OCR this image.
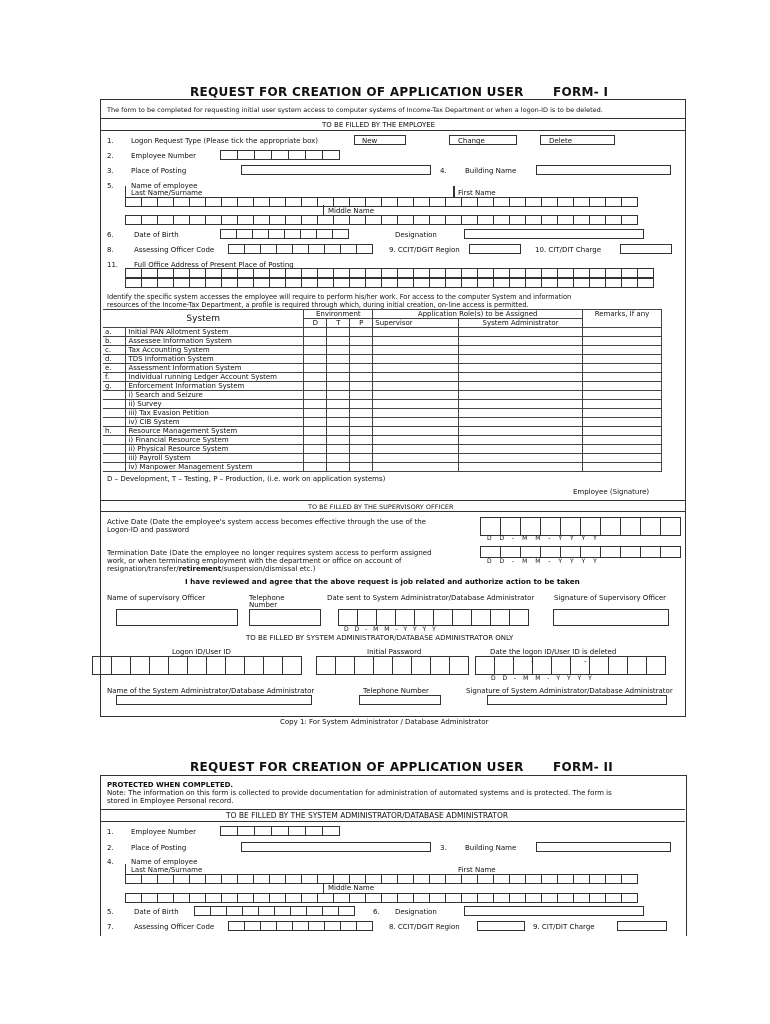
REQUEST FOR CREATION OF APPLICATION USER FORM- I
The form to be completed for requesting initial user system access to computer systems of Income-Tax Department or when a logon-ID is to be deleted.
TO BE FILLED BY THE EMPLOYEE
1. Logon Request Type (Please tick the appropriate box)	New	Change	Delete
2. Employee Number
3. Place of Posting	4.	Building Name
5. Name of employee
Last Name/Surname	First Name
Middle Name
6.	Date of Birth	Designation
8.	Assessing Officer Code	9. CCIT/DGIT Region	10. CIT/DIT Charge
11. Full Office Address of Present Place of Posting
Identify the specific system accesses the employee will require to perform his/her work. For access to the computer System and information
resources of the Income-Tax Department, a profile is required through which, during initial creation, on-line access is permitted.
System		Environment			Application Role(s) to be Assigned		Remarks, If any
		D	T	P	Supervisor	System Administrator	
a.	Initial PAN Allotment System						
b.	Assessee Information System						
c.	Tax Accounting System						
d.	TDS Information System						
e.	Assessment Information System						
f.	Individual running Ledger Account System						
g.	Enforcement Information System						
	i) Search and Seizure						
	ii) Survey						
	iii) Tax Evasion Petition						
	iv) CIB System						
h.	Resource Management System						
	i) Financial Resource System						
	ii) Physical Resource System						
	iii) Payroll System						
	iv) Manpower Management System						
D – Development, T – Testing, P – Production, (i.e. work on application systems)
Employee (Signature)
TO BE FILLED BY THE SUPERVISORY OFFICER
Active Date (Date the employee's system access becomes effective through the use of the
Logon-ID and password
D D - M M - Y Y Y Y
Termination Date (Date the employee no longer requires system access to perform assigned
work, or when terminating employment with the department or office on account of
resignation/transfer/retirement/suspension/dismissal etc.)
D D - M M - Y Y Y Y
I have reviewed and agree that the above request is job related and authorize action to be taken
Name of supervisory Officer	Telephone
Number
Date sent to System Administrator/Database Administrator	Signature of Supervisory Officer
D D - M M - Y Y Y Y
TO BE FILLED BY SYSTEM ADMINISTRATOR/DATABASE ADMINISTRATOR ONLY
Logon ID/User ID	Initial Password	Date the logon ID/User ID is deleted
-	-
D D - M M - Y Y Y Y
Name of the System Administrator/Database Administrator	Telephone Number	Signature of System Administrator/Database Administrator
Copy 1: For System Administrator / Database Administrator
REQUEST FOR CREATION OF APPLICATION USER FORM- II
PROTECTED WHEN COMPLETED.
Note: The information on this form is collected to provide documentation for administration of automated systems and is protected. The form is
stored in Employee Personal record.
TO BE FILLED BY THE SYSTEM ADMINISTRATOR/DATABASE ADMINISTRATOR
1. Employee Number
2. Place of Posting	3.	Building Name
4. Name of employee
Last Name/Surname	First Name
Middle Name
5.	Date of Birth	6. Designation
7.	Assessing Officer Code	8. CCIT/DGIT Region	9. CIT/DIT Charge
